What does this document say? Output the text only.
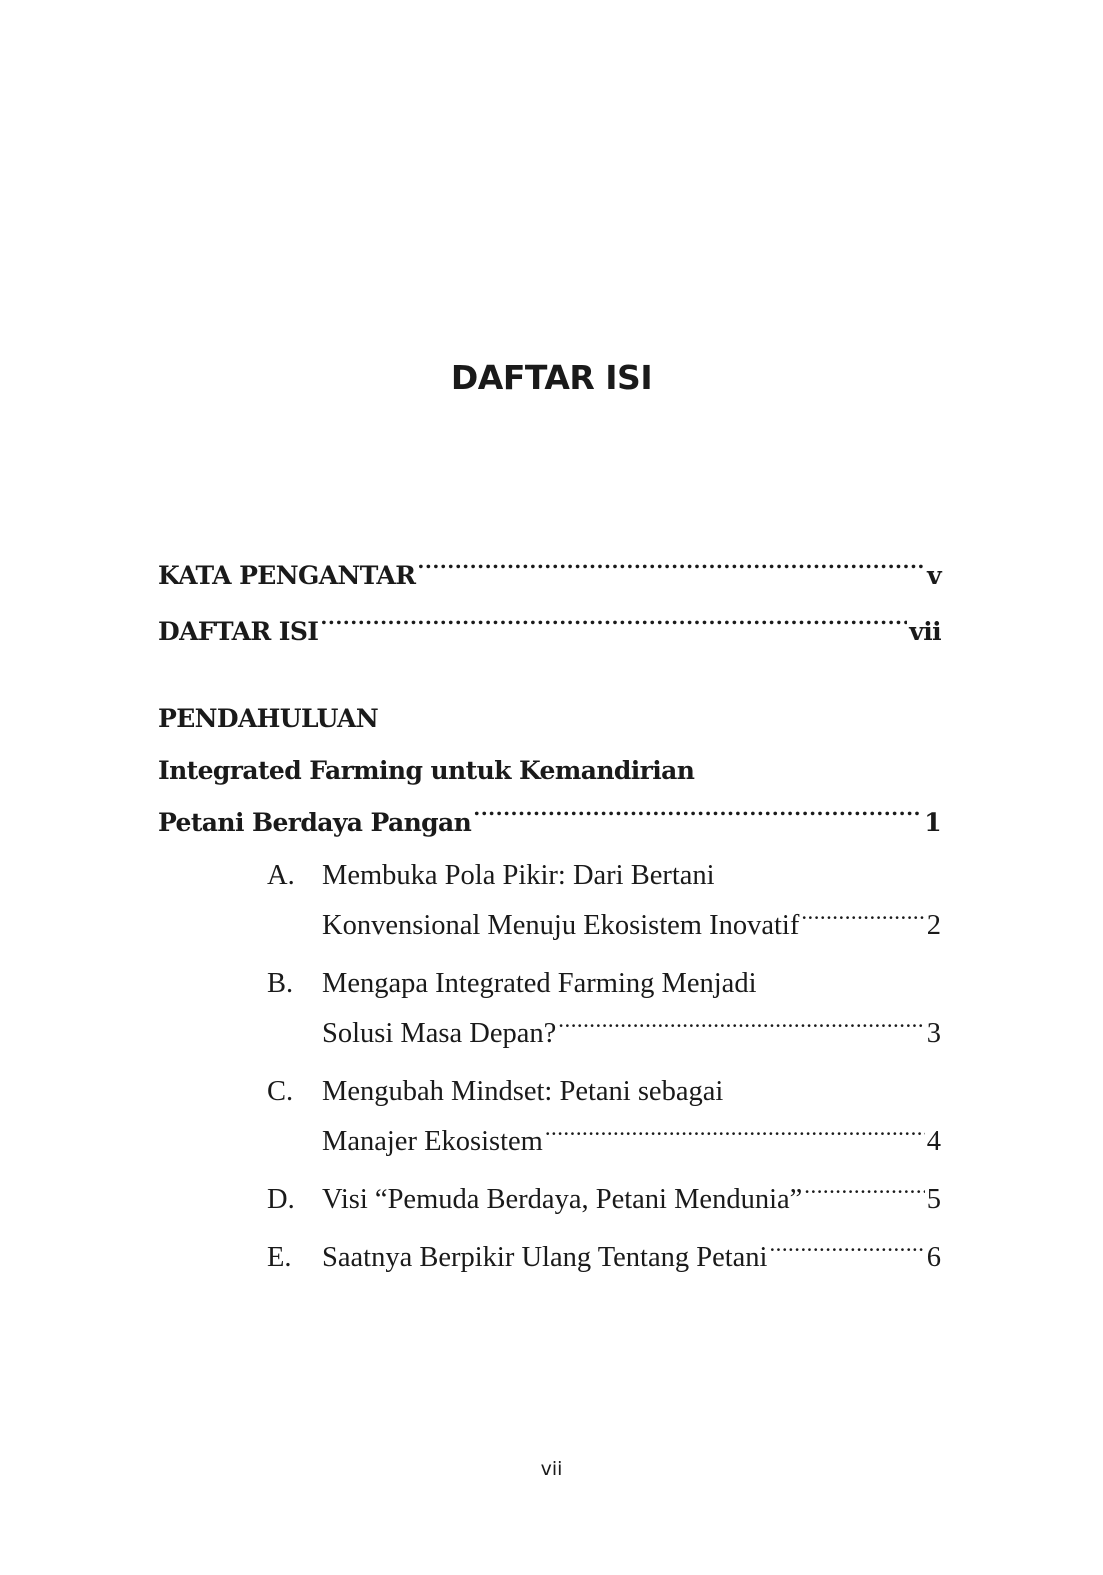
DAFTAR ISI
KATA PENGANTAR .....	v
DAFTAR ISI .....	vii
PENDAHULUAN
Integrated Farming untuk Kemandirian
Petani Berdaya Pangan .....	1
A. Membuka Pola Pikir: Dari Bertani
Konvensional Menuju Ekosistem Inovatif .....	2
B.	Mengapa Integrated Farming Menjadi
Solusi Masa Depan? .....	3
C.	Mengubah Mindset: Petani sebagai
Manajer Ekosistem .....	4
D. Visi “Pemuda Berdaya, Petani Mendunia” .....	5
E.	Saatnya Berpikir Ulang Tentang Petani .....	6
vii
